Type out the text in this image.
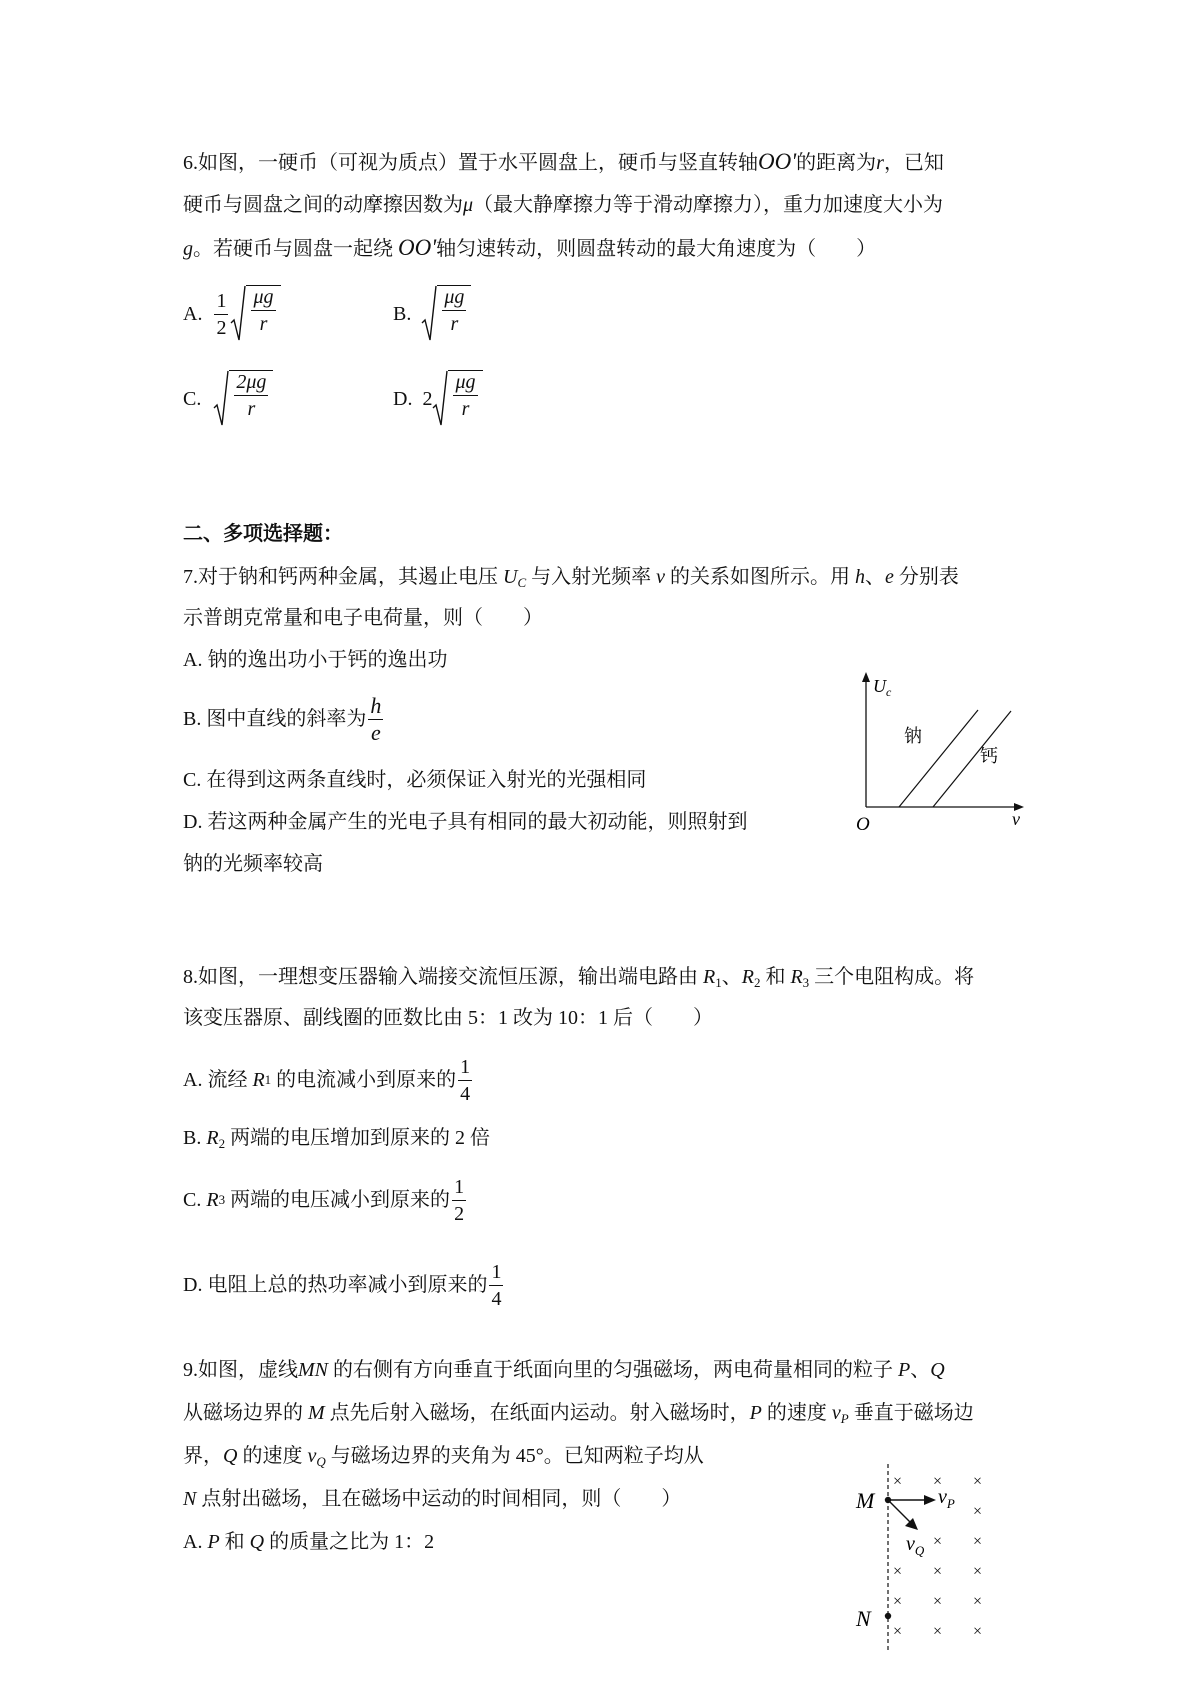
6.如图，一硬币（可视为质点）置于水平圆盘上，硬币与竖直转轴OO'的距离为r，已知
硬币与圆盘之间的动摩擦因数为μ（最大静摩擦力等于滑动摩擦力），重力加速度大小为
g。若硬币与圆盘一起绕 OO'轴匀速转动，则圆盘转动的最大角速度为（　　）
A. $\frac{1}{2} \frac{\mu g}{r}$	B. $\frac{\mu g}{r}$
C. $\frac{2\mu g}{r}$	D. $2 \frac{\mu g}{r}$
二、多项选择题：
7.对于钠和钙两种金属，其遏止电压 $U_C$ 与入射光频率 v 的关系如图所示。用 h、e 分别表
示普朗克常量和电子电荷量，则（　　）
A. 钠的逸出功小于钙的逸出功
B. 图中直线的斜率为 $\frac{h}{e}$
C. 在得到这两条直线时，必须保证入射光的光强相同
D. 若这两种金属产生的光电子具有相同的最大初动能，则照射到
钠的光频率较高
$U_c$
钠
钙
O	v
8.如图，一理想变压器输入端接交流恒压源，输出端电路由 $R_1$、$R_2$ 和 $R_3$ 三个电阻构成。将
该变压器原、副线圈的匝数比由 5：1 改为 10：1 后（　　）
A. 流经
R 1
的电流减小到原来的 $\frac{1}{4}$
B. $R_2$ 两端的电压增加到原来的 2 倍
C.
R 3
两端的电压减小到原来的 $\frac{1}{2}$
D. 电阻上总的热功率减小到原来的 $\frac{1}{4}$
9.如图，虚线MN 的右侧有方向垂直于纸面向里的匀强磁场，两电荷量相同的粒子 P、Q
从磁场边界的 M 点先后射入磁场，在纸面内运动。射入磁场时，P 的速度 $v_P$ 垂直于磁场边
界，Q 的速度 $v_Q$ 与磁场边界的夹角为 45°。已知两粒子均从
N 点射出磁场，且在磁场中运动的时间相同，则（　　）
A. P 和 Q 的质量之比为 1：2
× × ×
×
× ×
× × ×
× × ×
× × ×
M
N
$v_P$
$v_Q$
